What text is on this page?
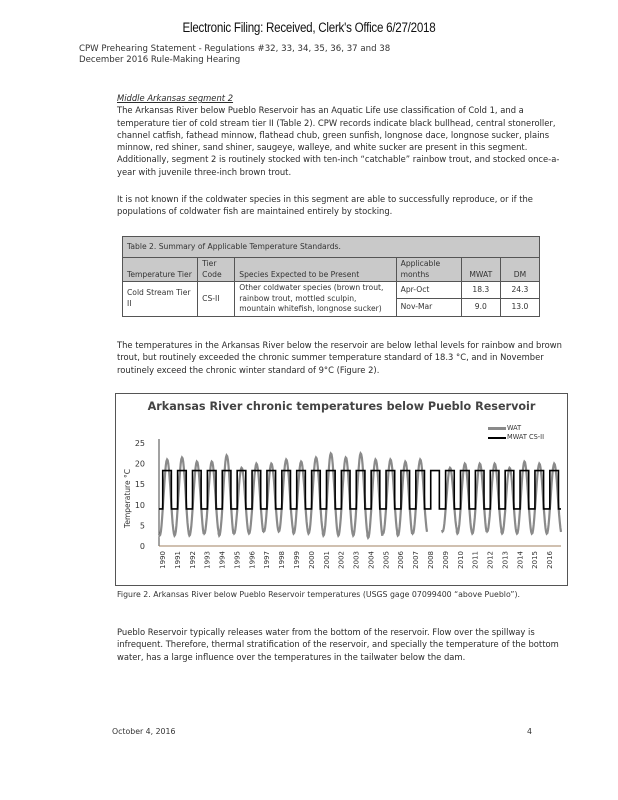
Electronic Filing: Received, Clerk's Office 6/27/2018
CPW Prehearing Statement - Regulations #32, 33, 34, 35, 36, 37 and 38
December 2016 Rule-Making Hearing
Middle Arkansas segment 2
The Arkansas River below Pueblo Reservoir has an Aquatic Life use classification of Cold 1, and a temperature tier of cold stream tier II (Table 2). CPW records indicate black bullhead, central stoneroller, channel catfish, fathead minnow, flathead chub, green sunfish, longnose dace, longnose sucker, plains minnow, red shiner, sand shiner, saugeye, walleye, and white sucker are present in this segment. Additionally, segment 2 is routinely stocked with ten-inch “catchable” rainbow trout, and stocked once-a-year with juvenile three-inch brown trout.
It is not known if the coldwater species in this segment are able to successfully reproduce, or if the populations of coldwater fish are maintained entirely by stocking.
Table 2. Summary of Applicable Temperature Standards.					
Temperature Tier	Tier Code	Species Expected to be Present	Applicable months	MWAT	DM
Cold Stream Tier II	CS-II	Other coldwater species (brown trout, rainbow trout, mottled sculpin, mountain whitefish, longnose sucker)	Apr-Oct	18.3	24.3
			Nov-Mar	9.0	13.0
The temperatures in the Arkansas River below the reservoir are below lethal levels for rainbow and brown trout, but routinely exceeded the chronic summer temperature standard of 18.3 °C, and in November routinely exceed the chronic winter standard of 9°C (Figure 2).
Arkansas River chronic temperatures below Pueblo Reservoir
WAT
MWAT CS-II
0
5
10
15
20
25
Temperature °C
1990 1991 1992 1993 1994 1995 1996 1997 1998 1999 2000 2001 2002 2003 2004 2005 2006 2007 2008 2009 2010 2011 2012 2013 2014 2015 2016
Figure 2. Arkansas River below Pueblo Reservoir temperatures (USGS gage 07099400 “above Pueblo”).
Pueblo Reservoir typically releases water from the bottom of the reservoir. Flow over the spillway is infrequent. Therefore, thermal stratification of the reservoir, and specially the temperature of the bottom water, has a large influence over the temperatures in the tailwater below the dam.
October 4, 2016	4
